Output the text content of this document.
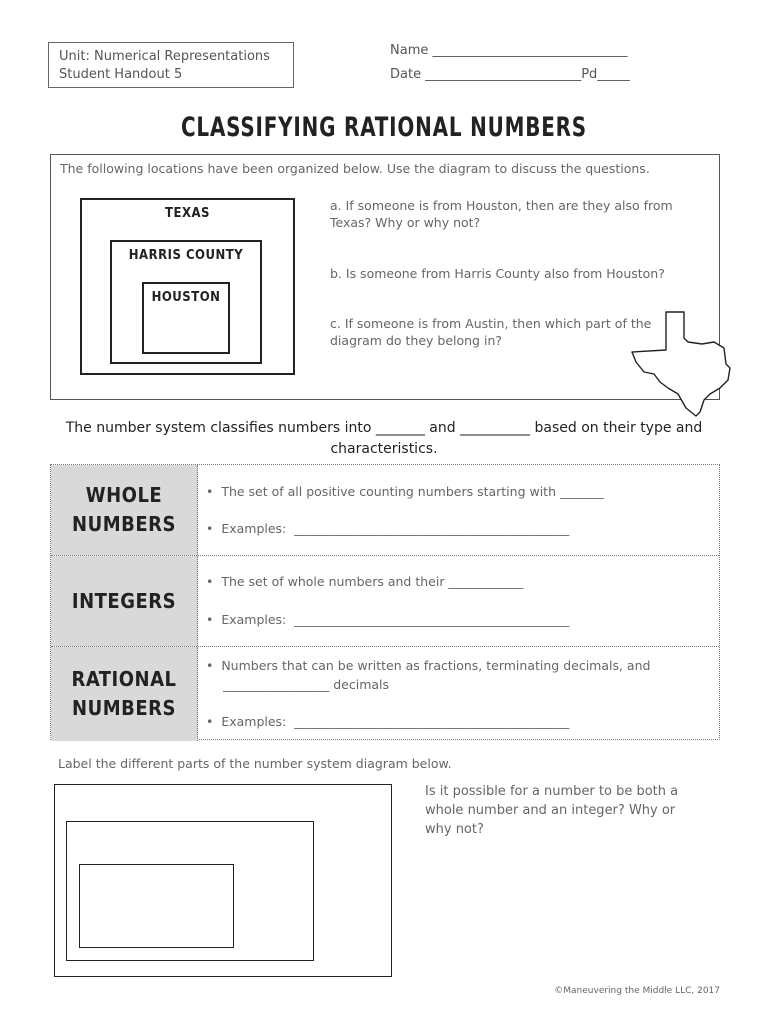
Unit: Numerical Representations
Student Handout 5
Name ______________________________
Date ________________________Pd_____
CLASSIFYING RATIONAL NUMBERS
The following locations have been organized below. Use the diagram to discuss the questions.
TEXAS
HARRIS COUNTY
HOUSTON
a. If someone is from Houston, then are they also from Texas? Why or why not?
b. Is someone from Harris County also from Houston?
c. If someone is from Austin, then which part of the diagram do they belong in?
The number system classifies numbers into _______ and __________ based on their type and characteristics.
WHOLE
NUMBERS
•  The set of all positive counting numbers starting with _______
•  Examples:  ____________________________________________
INTEGERS
•  The set of whole numbers and their ____________
•  Examples:  ____________________________________________
RATIONAL
NUMBERS
•  Numbers that can be written as fractions, terminating decimals, and
_________________ decimals
•  Examples:  ____________________________________________
Label the different parts of the number system diagram below.
Is it possible for a number to be both a whole number and an integer? Why or why not?
©Maneuvering the Middle LLC, 2017
